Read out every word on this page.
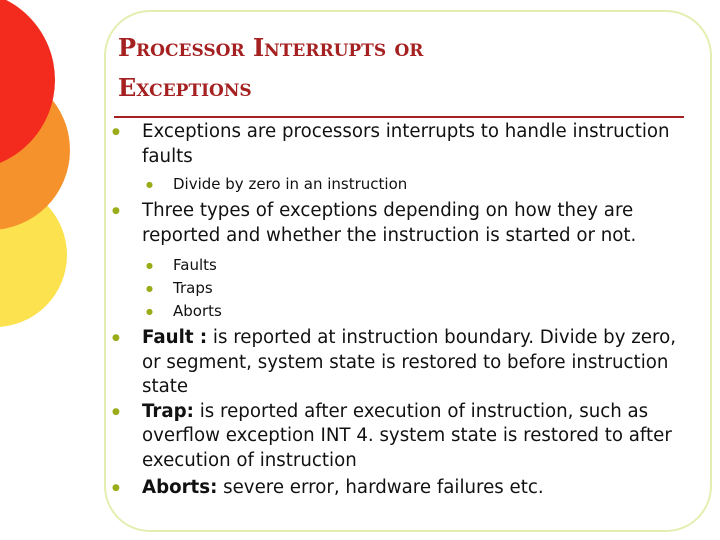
Processor Interrupts or
Exceptions
● Exceptions are processors interrupts to handle instruction faults
● Divide by zero in an instruction
● Three types of exceptions depending on how they are reported and whether the instruction is started or not.
● Faults
● Traps
● Aborts
● Fault : is reported at instruction boundary. Divide by zero, or segment, system state is restored to before instruction state
● Trap: is reported after execution of instruction, such as overflow exception INT 4. system state is restored to after execution of instruction
● Aborts: severe error, hardware failures etc.
